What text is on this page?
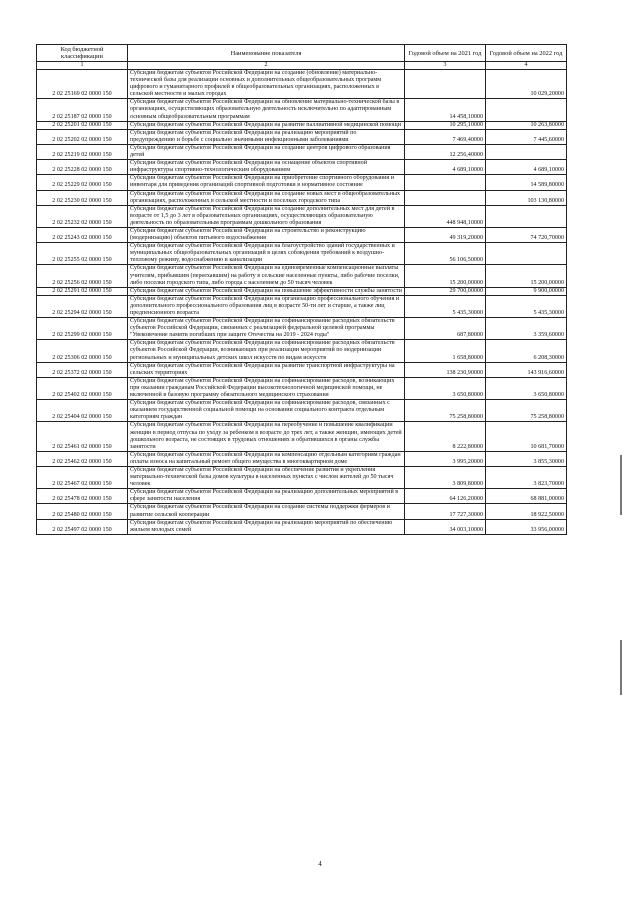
Код бюджетной классификации	Наименование показателя	Годовой объем на 2021 год	Годовой объем на 2022 год
1	2	3	4
2 02 25169 02 0000 150	Субсидии бюджетам субъектов Российской Федерации на создание (обновление) материально-технической базы для реализации основных и дополнительных общеобразовательных программ цифрового и гуманитарного профилей в общеобразовательных организациях, расположенных в сельской местности и малых городах		10 029,20000
2 02 25187 02 0000 150	Субсидии бюджетам субъектов Российской Федерации на обновление материально-технической базы в организациях, осуществляющих образовательную деятельность исключительно по адаптированным основным общеобразовательным программам	14 458,10000	
2 02 25201 02 0000 150	Субсидии бюджетам субъектов Российской Федерации на развитие паллиативной медицинской помощи	10 295,10000	10 263,80000
2 02 25202 02 0000 150	Субсидии бюджетам субъектов Российской Федерации на реализацию мероприятий по предупреждению и борьбе с социально значимыми инфекционными заболеваниями	7 469,40000	7 445,60000
2 02 25219 02 0000 150	Субсидии бюджетам субъектов Российской Федерации на создание центров цифрового образования детей	12 256,40000	
2 02 25228 02 0000 150	Субсидии бюджетам субъектов Российской Федерации на оснащение объектов спортивной инфраструктуры спортивно-технологическим оборудованием	4 689,10000	4 689,10000
2 02 25229 02 0000 150	Субсидии бюджетам субъектов Российской Федерации на приобретение спортивного оборудования и инвентаря для приведения организаций спортивной подготовки в нормативное состояние		14 589,80000
2 02 25230 02 0000 150	Субсидии бюджетам субъектов Российской Федерации на создание новых мест в общеобразовательных организациях, расположенных в сельской местности и поселках городского типа		103 130,80000
2 02 25232 02 0000 150	Субсидии бюджетам субъектов Российской Федерации на создание дополнительных мест для детей в возрасте от 1,5 до 3 лет в образовательных организациях, осуществляющих образовательную деятельность по образовательным программам дошкольного образования	448 948,10000	
2 02 25243 02 0000 150	Субсидии бюджетам субъектов Российской Федерации на строительство и реконструкцию (модернизацию) объектов питьевого водоснабжения	49 319,20000	74 720,70000
2 02 25255 02 0000 150	Субсидии бюджетам субъектов Российской Федерации на благоустройство зданий государственных и муниципальных общеобразовательных организаций в целях соблюдения требований к воздушно-тепловому режиму, водоснабжению и канализации	56 106,50000	
2 02 25256 02 0000 150	Субсидии бюджетам субъектов Российской Федерации на единовременные компенсационные выплаты учителям, прибывшим (переехавшим) на работу в сельские населенные пункты, либо рабочие поселки, либо поселки городского типа, либо города с населением до 50 тысяч человек	15 200,00000	15 200,00000
2 02 25291 02 0000 150	Субсидии бюджетам субъектов Российской Федерации на повышение эффективности службы занятости	29 700,00000	9 900,00000
2 02 25294 02 0000 150	Субсидии бюджетам субъектов Российской Федерации на организацию профессионального обучения и дополнительного профессионального образования лиц в возрасте 50-ти лет и старше, а также лиц предпенсионного возраста	5 435,30000	5 435,30000
2 02 25299 02 0000 150	Субсидии бюджетам субъектов Российской Федерации на софинансирование расходных обязательств субъектов Российской Федерации, связанных с реализацией федеральной целевой программы "Увековечение памяти погибших при защите Отечества на 2019 - 2024 годы"	687,80000	3 359,60000
2 02 25306 02 0000 150	Субсидии бюджетам субъектов Российской Федерации на софинансирование расходных обязательств субъектов Российской Федерации, возникающих при реализации мероприятий по модернизации региональных и муниципальных детских школ искусств по видам искусств	1 658,80000	6 208,30000
2 02 25372 02 0000 150	Субсидии бюджетам субъектов Российской Федерации на развитие транспортной инфраструктуры на сельских территориях	138 230,90000	143 916,60000
2 02 25402 02 0000 150	Субсидии бюджетам субъектов Российской Федерации на софинансирование расходов, возникающих при оказании гражданам Российской Федерации высокотехнологичной медицинской помощи, не включенной в базовую программу обязательного медицинского страхования	3 650,80000	3 650,80000
2 02 25404 02 0000 150	Субсидии бюджетам субъектов Российской Федерации на софинансирование расходов, связанных с оказанием государственной социальной помощи на основании социального контракта отдельным категориям граждан	75 258,80000	75 258,80000
2 02 25461 02 0000 150	Субсидии бюджетам субъектов Российской Федерации на переобучение и повышение квалификации женщин в период отпуска по уходу за ребенком в возрасте до трех лет, а также женщин, имеющих детей дошкольного возраста, не состоящих в трудовых отношениях и обратившихся в органы службы занятости	8 222,80000	10 681,70000
2 02 25462 02 0000 150	Субсидии бюджетам субъектов Российской Федерации на компенсацию отдельным категориям граждан оплаты взноса на капитальный ремонт общего имущества в многоквартирном доме	3 995,20000	3 855,30000
2 02 25467 02 0000 150	Субсидии бюджетам субъектов Российской Федерации на обеспечение развития и укрепления материально-технической базы домов культуры в населенных пунктах с числом жителей до 50 тысяч человек	3 809,80000	3 823,70000
2 02 25478 02 0000 150	Субсидии бюджетам субъектов Российской Федерации на реализацию дополнительных мероприятий в сфере занятости населения	64 126,20000	68 881,00000
2 02 25480 02 0000 150	Субсидии бюджетам субъектов Российской Федерации на создание системы поддержки фермеров и развитие сельской кооперации	17 727,30000	18 922,50000
2 02 25497 02 0000 150	Субсидии бюджетам субъектов Российской Федерации на реализацию мероприятий по обеспечению жильем молодых семей	34 003,10000	33 956,00000
4
